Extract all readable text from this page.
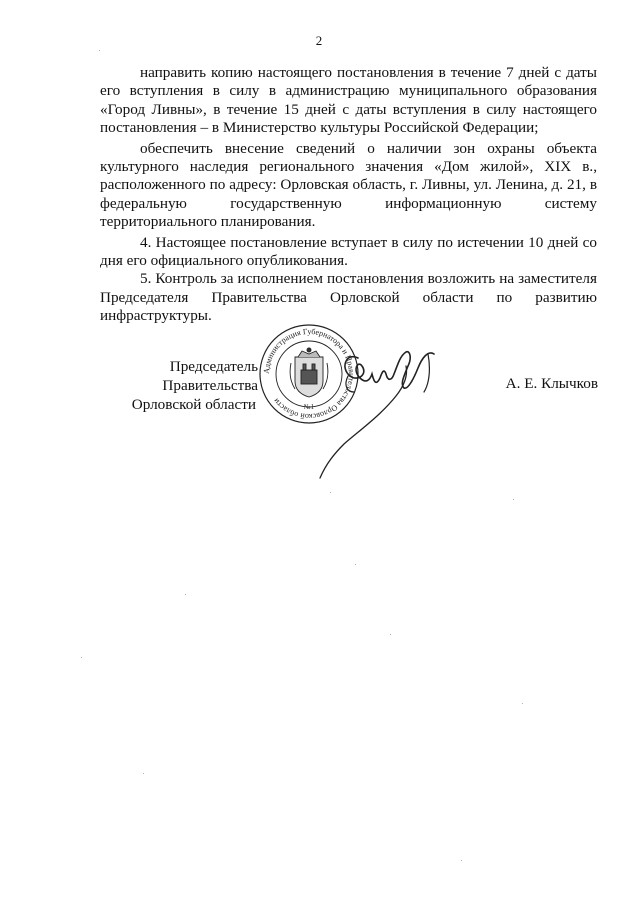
2

направить копию настоящего постановления в течение 7 дней с даты его вступления в силу в администрацию муниципального образования «Город Ливны», в течение 15 дней с даты вступления в силу настоящего постановления – в Министерство культуры Российской Федерации;

обеспечить внесение сведений о наличии зон охраны объекта культурного наследия регионального значения «Дом жилой», XIX в., расположенного по адресу: Орловская область, г. Ливны, ул. Ленина, д. 21, в федеральную государственную информационную систему территориального планирования.

4. Настоящее постановление вступает в силу по истечении 10 дней со дня его официального опубликования.

5. Контроль за исполнением постановления возложить на заместителя Председателя Правительства Орловской области по развитию инфраструктуры.

Председатель Правительства
Орловской области
А. Е. Клычков
Администрация Губернатора и Правительства Орловской области
№1
